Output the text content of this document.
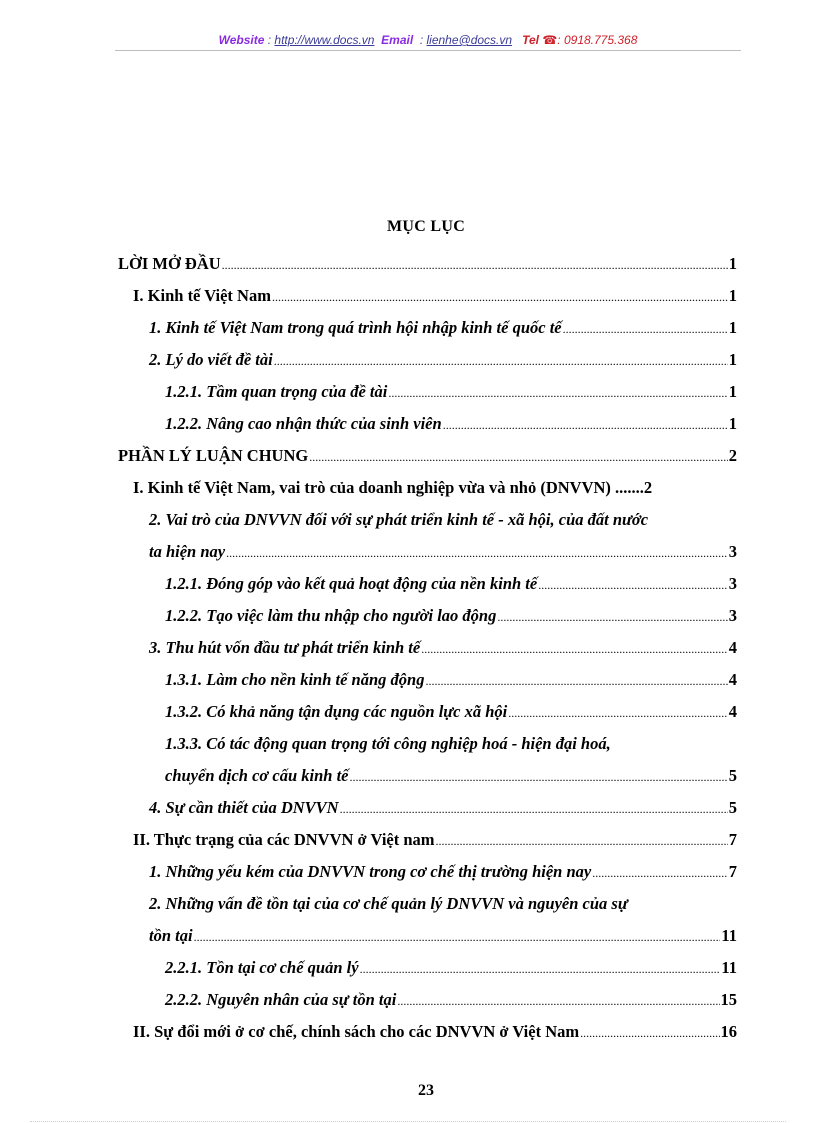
Website : http://www.docs.vn Email  : lienhe@docs.vn Tel ☎: 0918.775.368
MỤC LỤC
LỜI MỞ ĐẦU .....	1
I. Kinh tế Việt Nam .....	1
1. Kinh tế Việt Nam trong quá trình hội nhập kinh tế quốc tế .....	1
2. Lý do viết đề tài .....	1
1.2.1. Tầm quan trọng của đề tài .....	1
1.2.2. Nâng cao nhận thức của sinh viên .....	1
PHẦN LÝ LUẬN CHUNG .....	2
I. Kinh tế Việt Nam, vai trò của doanh nghiệp vừa và nhỏ (DNVVN) ....... 2
2. Vai trò của DNVVN đối với sự phát triển kinh tế - xã hội, của đất nước
ta hiện nay .....	3
1.2.1. Đóng góp vào kết quả hoạt động của nền kinh tế .....	3
1.2.2. Tạo việc làm thu nhập cho người lao động .....	3
3. Thu hút vốn đầu tư phát triển kinh tế .....	4
1.3.1. Làm cho nền kinh tế năng động .....	4
1.3.2. Có khả năng tận dụng các nguồn lực xã hội .....	4
1.3.3. Có tác động quan trọng tới công nghiệp hoá - hiện đại hoá,
chuyển dịch cơ cấu kinh tế .....	5
4. Sự cần thiết của DNVVN .....	5
II. Thực trạng của các DNVVN ở Việt nam .....	7
1. Những yếu kém của DNVVN trong cơ chế thị trường hiện nay .....	7
2. Những vấn đề tồn tại của cơ chế quản lý DNVVN và nguyên của sự
tồn tại .....	11
2.2.1. Tồn tại cơ chế quản lý .....	11
2.2.2. Nguyên nhân của sự tồn tại .....	15
II. Sự đổi mới ở cơ chế, chính sách cho các DNVVN ở Việt Nam .....	16
23
